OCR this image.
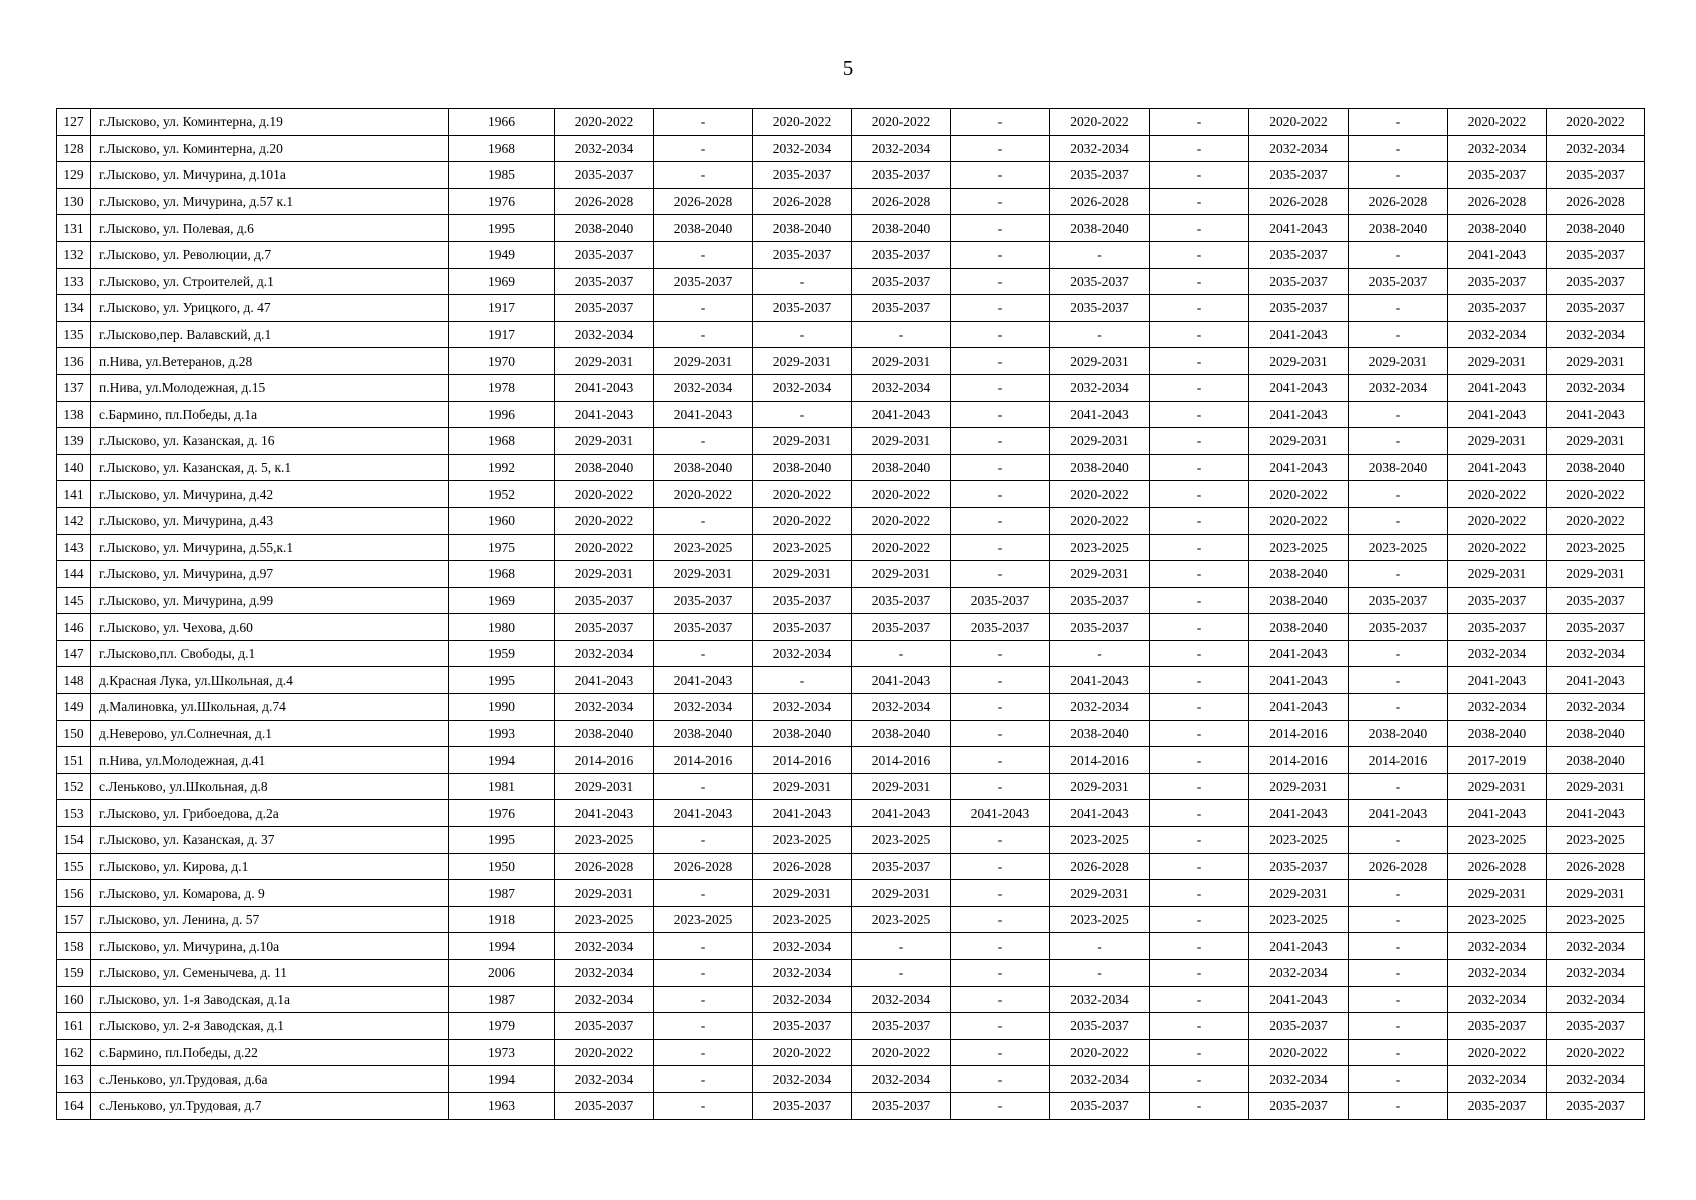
5
127	г.Лысково, ул. Коминтерна, д.19	1966	2020-2022	-	2020-2022	2020-2022	-	2020-2022	-	2020-2022	-	2020-2022	2020-2022
128	г.Лысково, ул. Коминтерна, д.20	1968	2032-2034	-	2032-2034	2032-2034	-	2032-2034	-	2032-2034	-	2032-2034	2032-2034
129	г.Лысково, ул. Мичурина, д.101а	1985	2035-2037	-	2035-2037	2035-2037	-	2035-2037	-	2035-2037	-	2035-2037	2035-2037
130	г.Лысково, ул. Мичурина, д.57 к.1	1976	2026-2028	2026-2028	2026-2028	2026-2028	-	2026-2028	-	2026-2028	2026-2028	2026-2028	2026-2028
131	г.Лысково, ул. Полевая, д.6	1995	2038-2040	2038-2040	2038-2040	2038-2040	-	2038-2040	-	2041-2043	2038-2040	2038-2040	2038-2040
132	г.Лысково, ул. Революции, д.7	1949	2035-2037	-	2035-2037	2035-2037	-	-	-	2035-2037	-	2041-2043	2035-2037
133	г.Лысково, ул. Строителей, д.1	1969	2035-2037	2035-2037	-	2035-2037	-	2035-2037	-	2035-2037	2035-2037	2035-2037	2035-2037
134	г.Лысково, ул. Урицкого, д. 47	1917	2035-2037	-	2035-2037	2035-2037	-	2035-2037	-	2035-2037	-	2035-2037	2035-2037
135	г.Лысково,пер. Валавский, д.1	1917	2032-2034	-	-	-	-	-	-	2041-2043	-	2032-2034	2032-2034
136	п.Нива, ул.Ветеранов, д.28	1970	2029-2031	2029-2031	2029-2031	2029-2031	-	2029-2031	-	2029-2031	2029-2031	2029-2031	2029-2031
137	п.Нива, ул.Молодежная, д.15	1978	2041-2043	2032-2034	2032-2034	2032-2034	-	2032-2034	-	2041-2043	2032-2034	2041-2043	2032-2034
138	с.Бармино, пл.Победы, д.1а	1996	2041-2043	2041-2043	-	2041-2043	-	2041-2043	-	2041-2043	-	2041-2043	2041-2043
139	г.Лысково, ул. Казанская, д. 16	1968	2029-2031	-	2029-2031	2029-2031	-	2029-2031	-	2029-2031	-	2029-2031	2029-2031
140	г.Лысково, ул. Казанская, д. 5, к.1	1992	2038-2040	2038-2040	2038-2040	2038-2040	-	2038-2040	-	2041-2043	2038-2040	2041-2043	2038-2040
141	г.Лысково, ул. Мичурина, д.42	1952	2020-2022	2020-2022	2020-2022	2020-2022	-	2020-2022	-	2020-2022	-	2020-2022	2020-2022
142	г.Лысково, ул. Мичурина, д.43	1960	2020-2022	-	2020-2022	2020-2022	-	2020-2022	-	2020-2022	-	2020-2022	2020-2022
143	г.Лысково, ул. Мичурина, д.55,к.1	1975	2020-2022	2023-2025	2023-2025	2020-2022	-	2023-2025	-	2023-2025	2023-2025	2020-2022	2023-2025
144	г.Лысково, ул. Мичурина, д.97	1968	2029-2031	2029-2031	2029-2031	2029-2031	-	2029-2031	-	2038-2040	-	2029-2031	2029-2031
145	г.Лысково, ул. Мичурина, д.99	1969	2035-2037	2035-2037	2035-2037	2035-2037	2035-2037	2035-2037	-	2038-2040	2035-2037	2035-2037	2035-2037
146	г.Лысково, ул. Чехова, д.60	1980	2035-2037	2035-2037	2035-2037	2035-2037	2035-2037	2035-2037	-	2038-2040	2035-2037	2035-2037	2035-2037
147	г.Лысково,пл. Свободы, д.1	1959	2032-2034	-	2032-2034	-	-	-	-	2041-2043	-	2032-2034	2032-2034
148	д.Красная Лука, ул.Школьная, д.4	1995	2041-2043	2041-2043	-	2041-2043	-	2041-2043	-	2041-2043	-	2041-2043	2041-2043
149	д.Малиновка, ул.Школьная, д.74	1990	2032-2034	2032-2034	2032-2034	2032-2034	-	2032-2034	-	2041-2043	-	2032-2034	2032-2034
150	д.Неверово, ул.Солнечная, д.1	1993	2038-2040	2038-2040	2038-2040	2038-2040	-	2038-2040	-	2014-2016	2038-2040	2038-2040	2038-2040
151	п.Нива, ул.Молодежная, д.41	1994	2014-2016	2014-2016	2014-2016	2014-2016	-	2014-2016	-	2014-2016	2014-2016	2017-2019	2038-2040
152	с.Леньково, ул.Школьная, д.8	1981	2029-2031	-	2029-2031	2029-2031	-	2029-2031	-	2029-2031	-	2029-2031	2029-2031
153	г.Лысково, ул. Грибоедова, д.2а	1976	2041-2043	2041-2043	2041-2043	2041-2043	2041-2043	2041-2043	-	2041-2043	2041-2043	2041-2043	2041-2043
154	г.Лысково, ул. Казанская, д. 37	1995	2023-2025	-	2023-2025	2023-2025	-	2023-2025	-	2023-2025	-	2023-2025	2023-2025
155	г.Лысково, ул. Кирова, д.1	1950	2026-2028	2026-2028	2026-2028	2035-2037	-	2026-2028	-	2035-2037	2026-2028	2026-2028	2026-2028
156	г.Лысково, ул. Комарова, д. 9	1987	2029-2031	-	2029-2031	2029-2031	-	2029-2031	-	2029-2031	-	2029-2031	2029-2031
157	г.Лысково, ул. Ленина, д. 57	1918	2023-2025	2023-2025	2023-2025	2023-2025	-	2023-2025	-	2023-2025	-	2023-2025	2023-2025
158	г.Лысково, ул. Мичурина, д.10а	1994	2032-2034	-	2032-2034	-	-	-	-	2041-2043	-	2032-2034	2032-2034
159	г.Лысково, ул. Семенычева, д. 11	2006	2032-2034	-	2032-2034	-	-	-	-	2032-2034	-	2032-2034	2032-2034
160	г.Лысково, ул. 1-я Заводская, д.1а	1987	2032-2034	-	2032-2034	2032-2034	-	2032-2034	-	2041-2043	-	2032-2034	2032-2034
161	г.Лысково, ул. 2-я Заводская, д.1	1979	2035-2037	-	2035-2037	2035-2037	-	2035-2037	-	2035-2037	-	2035-2037	2035-2037
162	с.Бармино, пл.Победы, д.22	1973	2020-2022	-	2020-2022	2020-2022	-	2020-2022	-	2020-2022	-	2020-2022	2020-2022
163	с.Леньково, ул.Трудовая, д.6а	1994	2032-2034	-	2032-2034	2032-2034	-	2032-2034	-	2032-2034	-	2032-2034	2032-2034
164	с.Леньково, ул.Трудовая, д.7	1963	2035-2037	-	2035-2037	2035-2037	-	2035-2037	-	2035-2037	-	2035-2037	2035-2037
